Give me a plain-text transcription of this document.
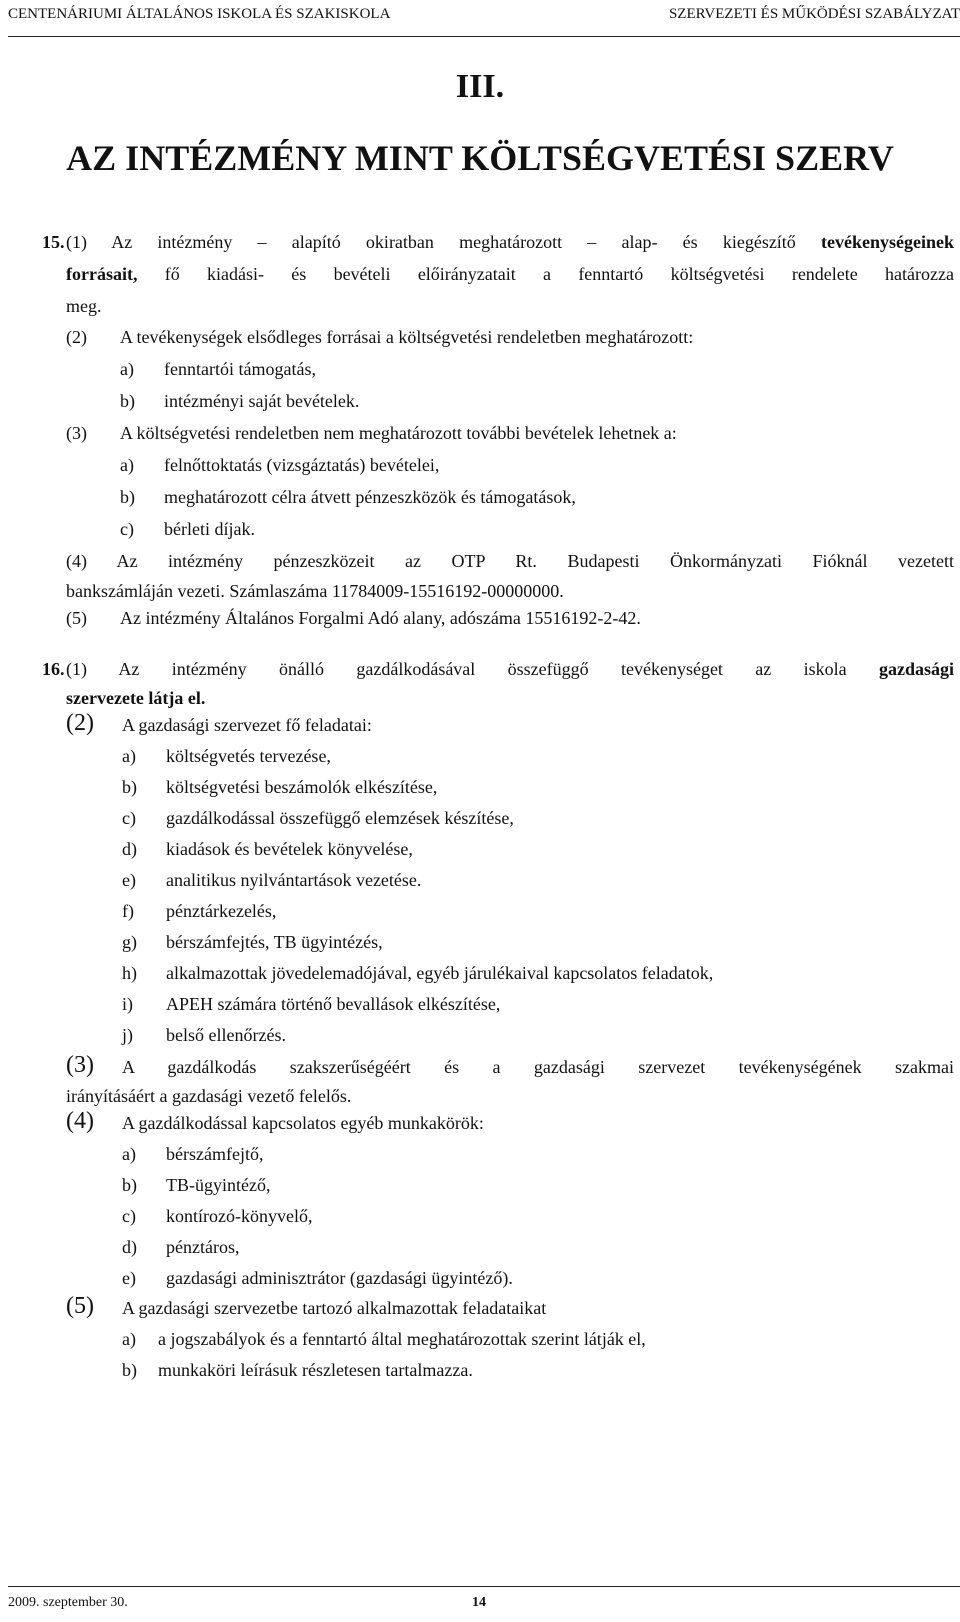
CENTENÁRIUMI ÁLTALÁNOS ISKOLA ÉS SZAKISKOLA	SZERVEZETI ÉS MŰKÖDÉSI SZABÁLYZAT
III.
AZ INTÉZMÉNY MINT KÖLTSÉGVETÉSI SZERV
15. (1) Az intézmény – alapító okiratban meghatározott – alap- és kiegészítő tevékenységeinek
forrásait, fő kiadási- és bevételi előirányzatait a fenntartó költségvetési rendelete határozza
meg.
(2) A tevékenységek elsődleges forrásai a költségvetési rendeletben meghatározott:
a) fenntartói támogatás,
b) intézményi saját bevételek.
(3) A költségvetési rendeletben nem meghatározott további bevételek lehetnek a:
a) felnőttoktatás (vizsgáztatás) bevételei,
b) meghatározott célra átvett pénzeszközök és támogatások,
c) bérleti díjak.
(4) Az intézmény pénzeszközeit az OTP Rt. Budapesti Önkormányzati Fióknál vezetett
bankszámláján vezeti. Számlaszáma 11784009-15516192-00000000.
(5) Az intézmény Általános Forgalmi Adó alany, adószáma 15516192-2-42.
16. (1) Az intézmény önálló gazdálkodásával összefüggő tevékenységet az iskola gazdasági
szervezete látja el.
(2) A gazdasági szervezet fő feladatai:
a) költségvetés tervezése,
b) költségvetési beszámolók elkészítése,
c) gazdálkodással összefüggő elemzések készítése,
d) kiadások és bevételek könyvelése,
e) analitikus nyilvántartások vezetése.
f) pénztárkezelés,
g) bérszámfejtés, TB ügyintézés,
h) alkalmazottak jövedelemadójával, egyéb járulékaival kapcsolatos feladatok,
i) APEH számára történő bevallások elkészítése,
j) belső ellenőrzés.
(3) A gazdálkodás szakszerűségéért és a gazdasági szervezet tevékenységének szakmai
irányításáért a gazdasági vezető felelős.
(4) A gazdálkodással kapcsolatos egyéb munkakörök:
a) bérszámfejtő,
b) TB-ügyintéző,
c) kontírozó-könyvelő,
d) pénztáros,
e) gazdasági adminisztrátor (gazdasági ügyintéző).
(5) A gazdasági szervezetbe tartozó alkalmazottak feladataikat
a) a jogszabályok és a fenntartó által meghatározottak szerint látják el,
b) munkaköri leírásuk részletesen tartalmazza.
2009. szeptember 30.	14
